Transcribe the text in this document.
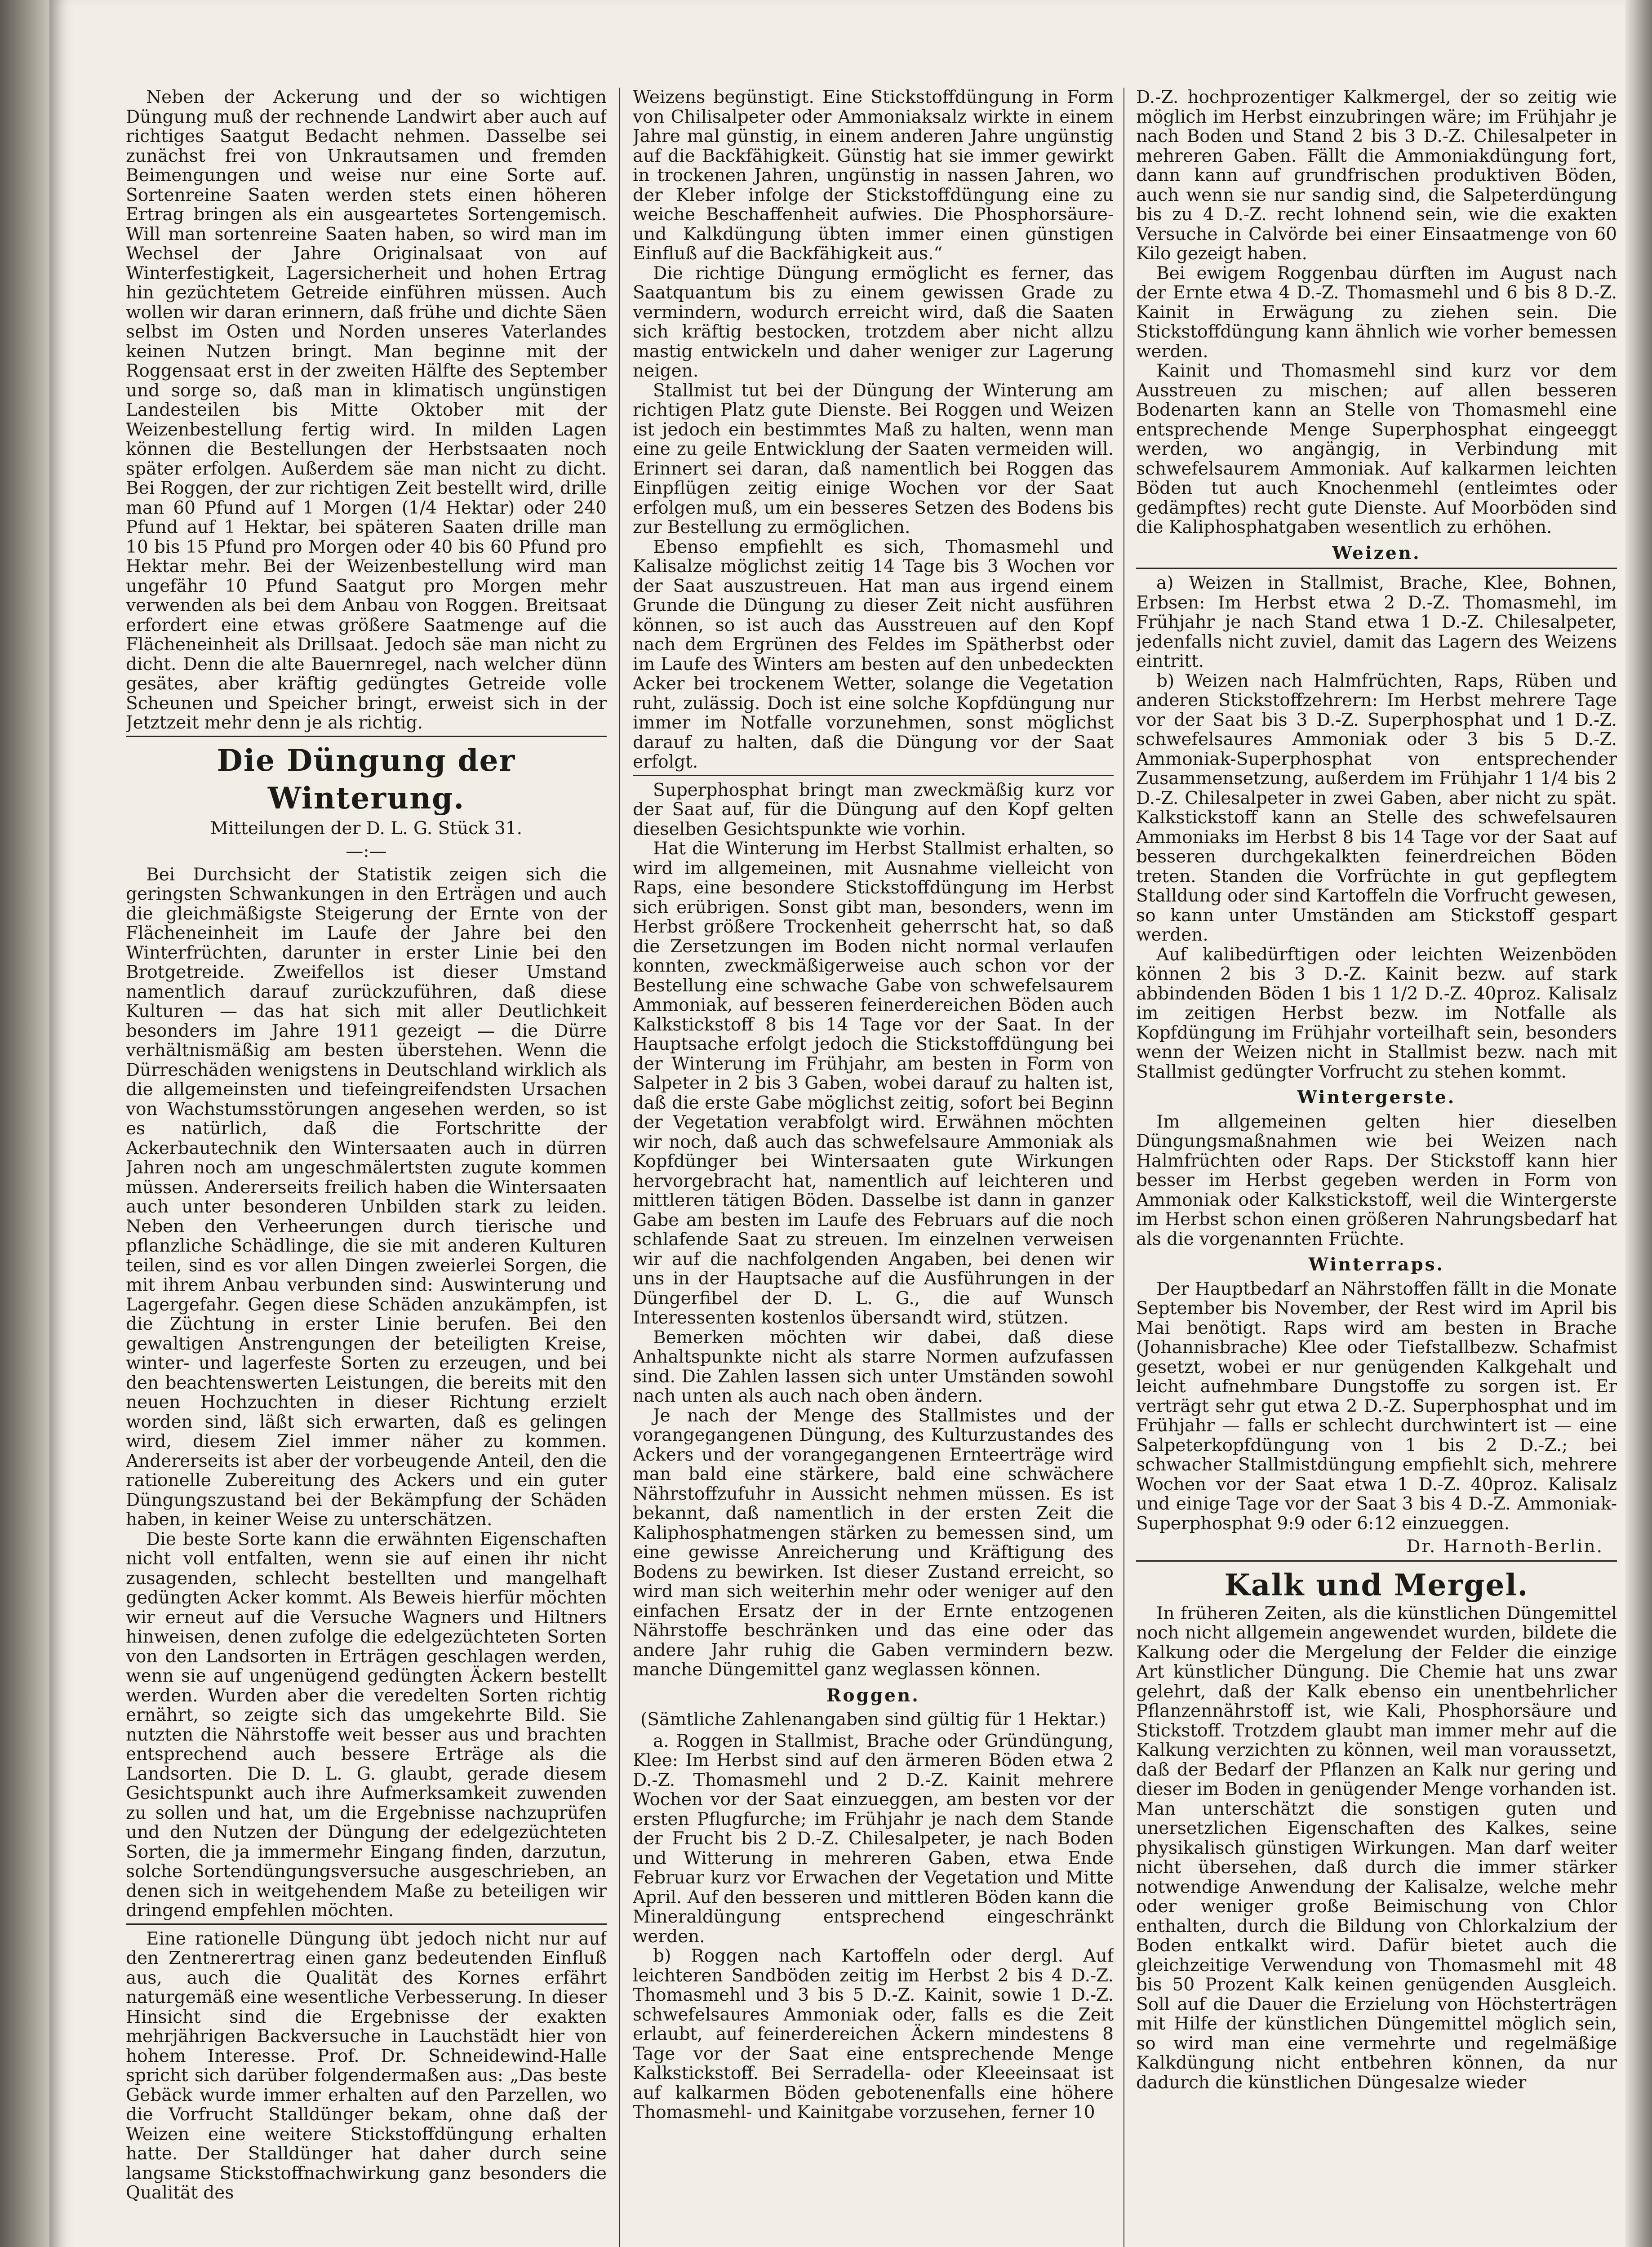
Neben der Ackerung und der so wichtigen Düngung muß der rechnende Landwirt aber auch auf richtiges Saatgut Bedacht nehmen. Dasselbe sei zunächst frei von Unkrautsamen und fremden Beimengungen und weise nur eine Sorte auf. Sortenreine Saaten werden stets einen höheren Ertrag bringen als ein ausgeartetes Sortengemisch. Will man sortenreine Saaten haben, so wird man im Wechsel der Jahre Originalsaat von auf Winterfestigkeit, Lagersicherheit und hohen Ertrag hin gezüchtetem Getreide einführen müssen. Auch wollen wir daran erinnern, daß frühe und dichte Säen selbst im Osten und Norden unseres Vaterlandes keinen Nutzen bringt. Man beginne mit der Roggensaat erst in der zweiten Hälfte des September und sorge so, daß man in klimatisch ungünstigen Landesteilen bis Mitte Oktober mit der Weizenbestellung fertig wird. In milden Lagen können die Bestellungen der Herbstsaaten noch später erfolgen. Außerdem säe man nicht zu dicht. Bei Roggen, der zur richtigen Zeit bestellt wird, drille man 60 Pfund auf 1 Morgen (1/4 Hektar) oder 240 Pfund auf 1 Hektar, bei späteren Saaten drille man 10 bis 15 Pfund pro Morgen oder 40 bis 60 Pfund pro Hektar mehr. Bei der Weizenbestellung wird man ungefähr 10 Pfund Saatgut pro Morgen mehr verwenden als bei dem Anbau von Roggen. Breitsaat erfordert eine etwas größere Saatmenge auf die Flächeneinheit als Drillsaat. Jedoch säe man nicht zu dicht. Denn die alte Bauernregel, nach welcher dünn gesätes, aber kräftig gedüngtes Getreide volle Scheunen und Speicher bringt, erweist sich in der Jetztzeit mehr denn je als richtig.

Die Düngung der Winterung.
Mitteilungen der D. L. G. Stück 31.
—:—

Bei Durchsicht der Statistik zeigen sich die geringsten Schwankungen in den Erträgen und auch die gleichmäßigste Steigerung der Ernte von der Flächeneinheit im Laufe der Jahre bei den Winterfrüchten, darunter in erster Linie bei den Brotgetreide. Zweifellos ist dieser Umstand namentlich darauf zurückzuführen, daß diese Kulturen — das hat sich mit aller Deutlichkeit besonders im Jahre 1911 gezeigt — die Dürre verhältnismäßig am besten überstehen. Wenn die Dürreschäden wenigstens in Deutschland wirklich als die allgemeinsten und tiefeingreifendsten Ursachen von Wachstumsstörungen angesehen werden, so ist es natürlich, daß die Fortschritte der Ackerbautechnik den Wintersaaten auch in dürren Jahren noch am ungeschmälertsten zugute kommen müssen. Andererseits freilich haben die Wintersaaten auch unter besonderen Unbilden stark zu leiden. Neben den Verheerungen durch tierische und pflanzliche Schädlinge, die sie mit anderen Kulturen teilen, sind es vor allen Dingen zweierlei Sorgen, die mit ihrem Anbau verbunden sind: Auswinterung und Lagergefahr. Gegen diese Schäden anzukämpfen, ist die Züchtung in erster Linie berufen. Bei den gewaltigen Anstrengungen der beteiligten Kreise, winter- und lagerfeste Sorten zu erzeugen, und bei den beachtenswerten Leistungen, die bereits mit den neuen Hochzuchten in dieser Richtung erzielt worden sind, läßt sich erwarten, daß es gelingen wird, diesem Ziel immer näher zu kommen. Andererseits ist aber der vorbeugende Anteil, den die rationelle Zubereitung des Ackers und ein guter Düngungszustand bei der Bekämpfung der Schäden haben, in keiner Weise zu unterschätzen.

Die beste Sorte kann die erwähnten Eigenschaften nicht voll entfalten, wenn sie auf einen ihr nicht zusagenden, schlecht bestellten und mangelhaft gedüngten Acker kommt. Als Beweis hierfür möchten wir erneut auf die Versuche Wagners und Hiltners hinweisen, denen zufolge die edelgezüchteten Sorten von den Landsorten in Erträgen geschlagen werden, wenn sie auf ungenügend gedüngten Äckern bestellt werden. Wurden aber die veredelten Sorten richtig ernährt, so zeigte sich das umgekehrte Bild. Sie nutzten die Nährstoffe weit besser aus und brachten entsprechend auch bessere Erträge als die Landsorten. Die D. L. G. glaubt, gerade diesem Gesichtspunkt auch ihre Aufmerksamkeit zuwenden zu sollen und hat, um die Ergebnisse nachzuprüfen und den Nutzen der Düngung der edelgezüchteten Sorten, die ja immermehr Eingang finden, darzutun, solche Sortendüngungsversuche ausgeschrieben, an denen sich in weitgehendem Maße zu beteiligen wir dringend empfehlen möchten.

Eine rationelle Düngung übt jedoch nicht nur auf den Zentnerertrag einen ganz bedeutenden Einfluß aus, auch die Qualität des Kornes erfährt naturgemäß eine wesentliche Verbesserung. In dieser Hinsicht sind die Ergebnisse der exakten mehrjährigen Backversuche in Lauchstädt hier von hohem Interesse. Prof. Dr. Schneidewind-Halle spricht sich darüber folgendermaßen aus: „Das beste Gebäck wurde immer erhalten auf den Parzellen, wo die Vorfrucht Stalldünger bekam, ohne daß der Weizen eine weitere Stickstoffdüngung erhalten hatte. Der Stalldünger hat daher durch seine langsame Stickstoffnachwirkung ganz besonders die Qualität des

Weizens begünstigt. Eine Stickstoffdüngung in Form von Chilisalpeter oder Ammoniaksalz wirkte in einem Jahre mal günstig, in einem anderen Jahre ungünstig auf die Backfähigkeit. Günstig hat sie immer gewirkt in trockenen Jahren, ungünstig in nassen Jahren, wo der Kleber infolge der Stickstoffdüngung eine zu weiche Beschaffenheit aufwies. Die Phosphorsäure- und Kalkdüngung übten immer einen günstigen Einfluß auf die Backfähigkeit aus.“

Die richtige Düngung ermöglicht es ferner, das Saatquantum bis zu einem gewissen Grade zu vermindern, wodurch erreicht wird, daß die Saaten sich kräftig bestocken, trotzdem aber nicht allzu mastig entwickeln und daher weniger zur Lagerung neigen.

Stallmist tut bei der Düngung der Winterung am richtigen Platz gute Dienste. Bei Roggen und Weizen ist jedoch ein bestimmtes Maß zu halten, wenn man eine zu geile Entwicklung der Saaten vermeiden will. Erinnert sei daran, daß namentlich bei Roggen das Einpflügen zeitig einige Wochen vor der Saat erfolgen muß, um ein besseres Setzen des Bodens bis zur Bestellung zu ermöglichen.

Ebenso empfiehlt es sich, Thomasmehl und Kalisalze möglichst zeitig 14 Tage bis 3 Wochen vor der Saat auszustreuen. Hat man aus irgend einem Grunde die Düngung zu dieser Zeit nicht ausführen können, so ist auch das Ausstreuen auf den Kopf nach dem Ergrünen des Feldes im Spätherbst oder im Laufe des Winters am besten auf den unbedeckten Acker bei trockenem Wetter, solange die Vegetation ruht, zulässig. Doch ist eine solche Kopfdüngung nur immer im Notfalle vorzunehmen, sonst möglichst darauf zu halten, daß die Düngung vor der Saat erfolgt.

Superphosphat bringt man zweckmäßig kurz vor der Saat auf, für die Düngung auf den Kopf gelten dieselben Gesichtspunkte wie vorhin.

Hat die Winterung im Herbst Stallmist erhalten, so wird im allgemeinen, mit Ausnahme vielleicht von Raps, eine besondere Stickstoffdüngung im Herbst sich erübrigen. Sonst gibt man, besonders, wenn im Herbst größere Trockenheit geherrscht hat, so daß die Zersetzungen im Boden nicht normal verlaufen konnten, zweckmäßigerweise auch schon vor der Bestellung eine schwache Gabe von schwefelsaurem Ammoniak, auf besseren feinerdereichen Böden auch Kalkstickstoff 8 bis 14 Tage vor der Saat. In der Hauptsache erfolgt jedoch die Stickstoffdüngung bei der Winterung im Frühjahr, am besten in Form von Salpeter in 2 bis 3 Gaben, wobei darauf zu halten ist, daß die erste Gabe möglichst zeitig, sofort bei Beginn der Vegetation verabfolgt wird. Erwähnen möchten wir noch, daß auch das schwefelsaure Ammoniak als Kopfdünger bei Wintersaaten gute Wirkungen hervorgebracht hat, namentlich auf leichteren und mittleren tätigen Böden. Dasselbe ist dann in ganzer Gabe am besten im Laufe des Februars auf die noch schlafende Saat zu streuen. Im einzelnen verweisen wir auf die nachfolgenden Angaben, bei denen wir uns in der Hauptsache auf die Ausführungen in der Düngerfibel der D. L. G., die auf Wunsch Interessenten kostenlos übersandt wird, stützen.

Bemerken möchten wir dabei, daß diese Anhaltspunkte nicht als starre Normen aufzufassen sind. Die Zahlen lassen sich unter Umständen sowohl nach unten als auch nach oben ändern.

Je nach der Menge des Stallmistes und der vorangegangenen Düngung, des Kulturzustandes des Ackers und der vorangegangenen Ernteerträge wird man bald eine stärkere, bald eine schwächere Nährstoffzufuhr in Aussicht nehmen müssen. Es ist bekannt, daß namentlich in der ersten Zeit die Kaliphosphatmengen stärken zu bemessen sind, um eine gewisse Anreicherung und Kräftigung des Bodens zu bewirken. Ist dieser Zustand erreicht, so wird man sich weiterhin mehr oder weniger auf den einfachen Ersatz der in der Ernte entzogenen Nährstoffe beschränken und das eine oder das andere Jahr ruhig die Gaben vermindern bezw. manche Düngemittel ganz weglassen können.

Roggen.
(Sämtliche Zahlenangaben sind gültig für 1 Hektar.)

a. Roggen in Stallmist, Brache oder Gründüngung, Klee: Im Herbst sind auf den ärmeren Böden etwa 2 D.-Z. Thomasmehl und 2 D.-Z. Kainit mehrere Wochen vor der Saat einzueggen, am besten vor der ersten Pflugfurche; im Frühjahr je nach dem Stande der Frucht bis 2 D.-Z. Chilesalpeter, je nach Boden und Witterung in mehreren Gaben, etwa Ende Februar kurz vor Erwachen der Vegetation und Mitte April. Auf den besseren und mittleren Böden kann die Mineraldüngung entsprechend eingeschränkt werden.

b) Roggen nach Kartoffeln oder dergl. Auf leichteren Sandböden zeitig im Herbst 2 bis 4 D.-Z. Thomasmehl und 3 bis 5 D.-Z. Kainit, sowie 1 D.-Z. schwefelsaures Ammoniak oder, falls es die Zeit erlaubt, auf feinerdereichen Äckern mindestens 8 Tage vor der Saat eine entsprechende Menge Kalkstickstoff. Bei Serradella- oder Kleeeinsaat ist auf kalkarmen Böden gebotenenfalls eine höhere Thomasmehl- und Kainitgabe vorzusehen, ferner 10

D.-Z. hochprozentiger Kalkmergel, der so zeitig wie möglich im Herbst einzubringen wäre; im Frühjahr je nach Boden und Stand 2 bis 3 D.-Z. Chilesalpeter in mehreren Gaben. Fällt die Ammoniakdüngung fort, dann kann auf grundfrischen produktiven Böden, auch wenn sie nur sandig sind, die Salpeterdüngung bis zu 4 D.-Z. recht lohnend sein, wie die exakten Versuche in Calvörde bei einer Einsaatmenge von 60 Kilo gezeigt haben.

Bei ewigem Roggenbau dürften im August nach der Ernte etwa 4 D.-Z. Thomasmehl und 6 bis 8 D.-Z. Kainit in Erwägung zu ziehen sein. Die Stickstoffdüngung kann ähnlich wie vorher bemessen werden.

Kainit und Thomasmehl sind kurz vor dem Ausstreuen zu mischen; auf allen besseren Bodenarten kann an Stelle von Thomasmehl eine entsprechende Menge Superphosphat eingeeggt werden, wo angängig, in Verbindung mit schwefelsaurem Ammoniak. Auf kalkarmen leichten Böden tut auch Knochenmehl (entleimtes oder gedämpftes) recht gute Dienste. Auf Moorböden sind die Kaliphosphatgaben wesentlich zu erhöhen.

Weizen.

a) Weizen in Stallmist, Brache, Klee, Bohnen, Erbsen: Im Herbst etwa 2 D.-Z. Thomasmehl, im Frühjahr je nach Stand etwa 1 D.-Z. Chilesalpeter, jedenfalls nicht zuviel, damit das Lagern des Weizens eintritt.

b) Weizen nach Halmfrüchten, Raps, Rüben und anderen Stickstoffzehrern: Im Herbst mehrere Tage vor der Saat bis 3 D.-Z. Superphosphat und 1 D.-Z. schwefelsaures Ammoniak oder 3 bis 5 D.-Z. Ammoniak-Superphosphat von entsprechender Zusammensetzung, außerdem im Frühjahr 1 1/4 bis 2 D.-Z. Chilesalpeter in zwei Gaben, aber nicht zu spät. Kalkstickstoff kann an Stelle des schwefelsauren Ammoniaks im Herbst 8 bis 14 Tage vor der Saat auf besseren durchgekalkten feinerdreichen Böden treten. Standen die Vorfrüchte in gut gepflegtem Stalldung oder sind Kartoffeln die Vorfrucht gewesen, so kann unter Umständen am Stickstoff gespart werden.

Auf kalibedürftigen oder leichten Weizenböden können 2 bis 3 D.-Z. Kainit bezw. auf stark abbindenden Böden 1 bis 1 1/2 D.-Z. 40proz. Kalisalz im zeitigen Herbst bezw. im Notfalle als Kopfdüngung im Frühjahr vorteilhaft sein, besonders wenn der Weizen nicht in Stallmist bezw. nach mit Stallmist gedüngter Vorfrucht zu stehen kommt.

Wintergerste.

Im allgemeinen gelten hier dieselben Düngungsmaßnahmen wie bei Weizen nach Halmfrüchten oder Raps. Der Stickstoff kann hier besser im Herbst gegeben werden in Form von Ammoniak oder Kalkstickstoff, weil die Wintergerste im Herbst schon einen größeren Nahrungsbedarf hat als die vorgenannten Früchte.

Winterraps.

Der Hauptbedarf an Nährstoffen fällt in die Monate September bis November, der Rest wird im April bis Mai benötigt. Raps wird am besten in Brache (Johannisbrache) Klee oder Tiefstallbezw. Schafmist gesetzt, wobei er nur genügenden Kalkgehalt und leicht aufnehmbare Dungstoffe zu sorgen ist. Er verträgt sehr gut etwa 2 D.-Z. Superphosphat und im Frühjahr — falls er schlecht durchwintert ist — eine Salpeterkopfdüngung von 1 bis 2 D.-Z.; bei schwacher Stallmistdüngung empfiehlt sich, mehrere Wochen vor der Saat etwa 1 D.-Z. 40proz. Kalisalz und einige Tage vor der Saat 3 bis 4 D.-Z. Ammoniak-Superphosphat 9:9 oder 6:12 einzueggen.

Dr. Harnoth-Berlin.
Kalk und Mergel.

In früheren Zeiten, als die künstlichen Düngemittel noch nicht allgemein angewendet wurden, bildete die Kalkung oder die Mergelung der Felder die einzige Art künstlicher Düngung. Die Chemie hat uns zwar gelehrt, daß der Kalk ebenso ein unentbehrlicher Pflanzennährstoff ist, wie Kali, Phosphorsäure und Stickstoff. Trotzdem glaubt man immer mehr auf die Kalkung verzichten zu können, weil man voraussetzt, daß der Bedarf der Pflanzen an Kalk nur gering und dieser im Boden in genügender Menge vorhanden ist. Man unterschätzt die sonstigen guten und unersetzlichen Eigenschaften des Kalkes, seine physikalisch günstigen Wirkungen. Man darf weiter nicht übersehen, daß durch die immer stärker notwendige Anwendung der Kalisalze, welche mehr oder weniger große Beimischung von Chlor enthalten, durch die Bildung von Chlorkalzium der Boden entkalkt wird. Dafür bietet auch die gleichzeitige Verwendung von Thomasmehl mit 48 bis 50 Prozent Kalk keinen genügenden Ausgleich. Soll auf die Dauer die Erzielung von Höchsterträgen mit Hilfe der künstlichen Düngemittel möglich sein, so wird man eine vermehrte und regelmäßige Kalkdüngung nicht entbehren können, da nur dadurch die künstlichen Düngesalze wieder
